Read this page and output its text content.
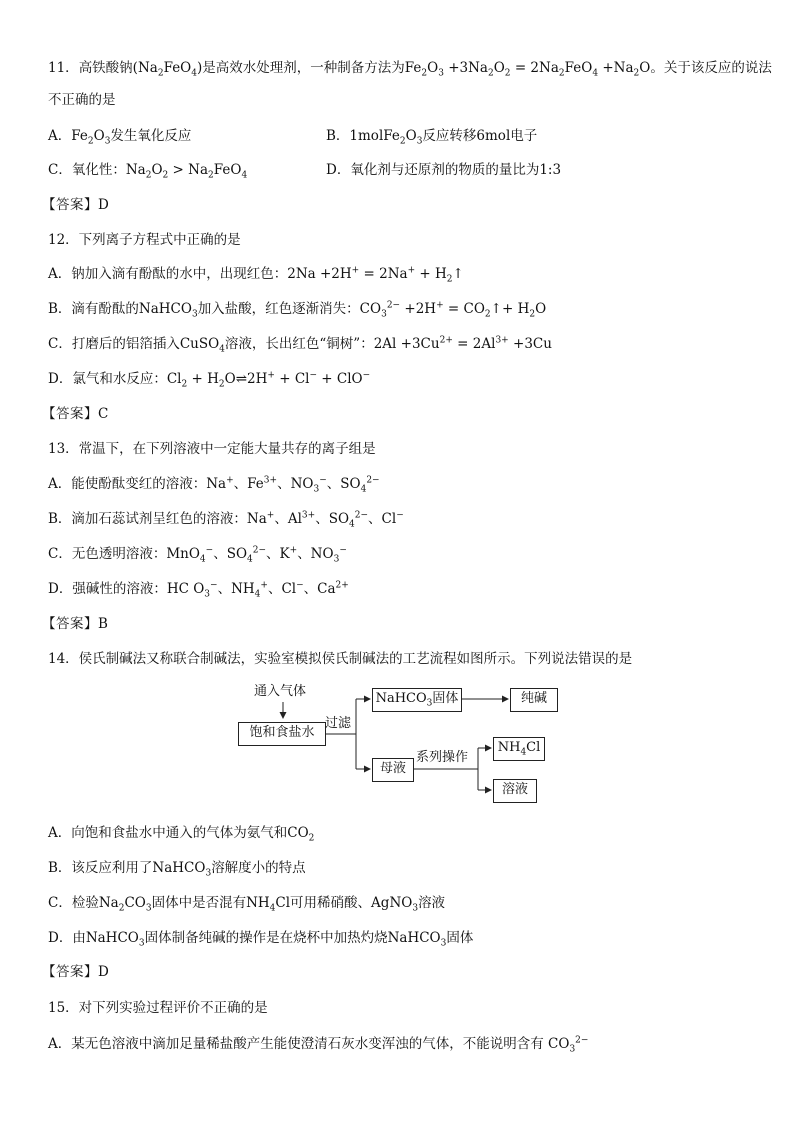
11．高铁酸钠$(Na_2FeO_4)$是高效水处理剂，一种制备方法为$Fe_2O_3 +3Na_2O_2 = 2Na_2FeO_4 +Na_2O$。关于该反应的说法
不正确的是
A．$Fe_2O_3$发生氧化反应	B．$1molFe_2O_3$反应转移6mol电子
C．氧化性：$Na_2O_2 > Na_2FeO_4$	D．氧化剂与还原剂的物质的量比为1:3
【答案】D
12．下列离子方程式中正确的是
A．钠加入滴有酚酞的水中，出现红色：$2Na +2H^+ = 2Na^+ + H_2↑$
B．滴有酚酞的NaHCO$_3$加入盐酸，红色逐渐消失：$CO_3^{2-} +2H^+$ = $CO_2↑+ H_2O$
C．打磨后的铝箔插入CuSO$_4$溶液，长出红色“铜树”：$2Al +3Cu^{2+} = 2Al^{3+} +3Cu$
D．氯气和水反应：$Cl_2$ + $H_2O\rightleftharpoons 2H^+ + Cl^- + ClO^-$
【答案】C
13．常温下，在下列溶液中一定能大量共存的离子组是
A．能使酚酞变红的溶液：Na+、$Fe^{3+}$、$NO_3^-$、$SO_4^{2-}$
B．滴加石蕊试剂呈红色的溶液：Na+、$Al^{3+}$、$SO_4^{2-}$、Cl−
C．无色透明溶液：MnO$_4$−、$SO_4^{2-}$、K+、$NO_3^-$
D．强碱性的溶液：HC $O_3^-$、$NH_4^+$、Cl−、$Ca^{2+}$
【答案】B
14．侯氏制碱法又称联合制碱法，实验室模拟侯氏制碱法的工艺流程如图所示。下列说法错误的是
通入气体
饱和食盐水
过滤
NaHCO$_3$固体	纯碱
母液
系列操作
$NH_4Cl$
溶液
A．向饱和食盐水中通入的气体为氨气和$CO_2$
B．该反应利用了NaHCO$_3$溶解度小的特点
C．检验$Na_2CO_3$固体中是否混有$NH_4Cl$可用稀硝酸、AgNO$_3$溶液
D．由NaHCO$_3$固体制备纯碱的操作是在烧杯中加热灼烧NaHCO$_3$固体
【答案】D
15．对下列实验过程评价不正确的是
A．某无色溶液中滴加足量稀盐酸产生能使澄清石灰水变浑浊的气体，不能说明含有 $CO_3^{2-}$
